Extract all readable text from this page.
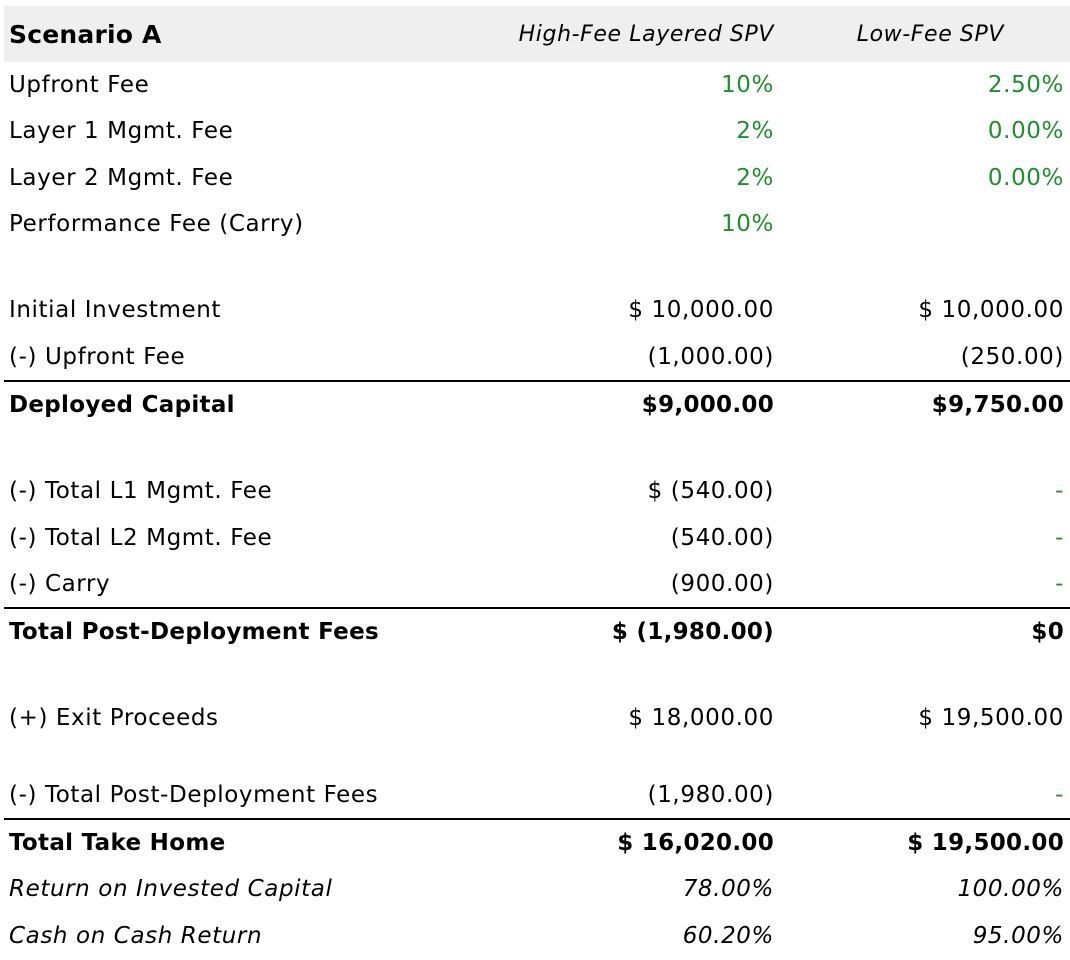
Scenario A	High-Fee Layered SPV	Low-Fee SPV
Upfront Fee	10%	2.50%
Layer 1 Mgmt. Fee	2%	0.00%
Layer 2 Mgmt. Fee	2%	0.00%
Performance Fee (Carry)	10%
Initial Investment	$ 10,000.00	$ 10,000.00
(-) Upfront Fee	(1,000.00)	(250.00)
Deployed Capital	$9,000.00	$9,750.00
(-) Total L1 Mgmt. Fee	$ (540.00)	-
(-) Total L2 Mgmt. Fee	(540.00)	-
(-) Carry	(900.00)	-
Total Post-Deployment Fees	$ (1,980.00)	$0
(+) Exit Proceeds	$ 18,000.00	$ 19,500.00
(-) Total Post-Deployment Fees	(1,980.00)	-
Total Take Home	$ 16,020.00	$ 19,500.00
Return on Invested Capital	78.00%	100.00%
Cash on Cash Return	60.20%	95.00%
